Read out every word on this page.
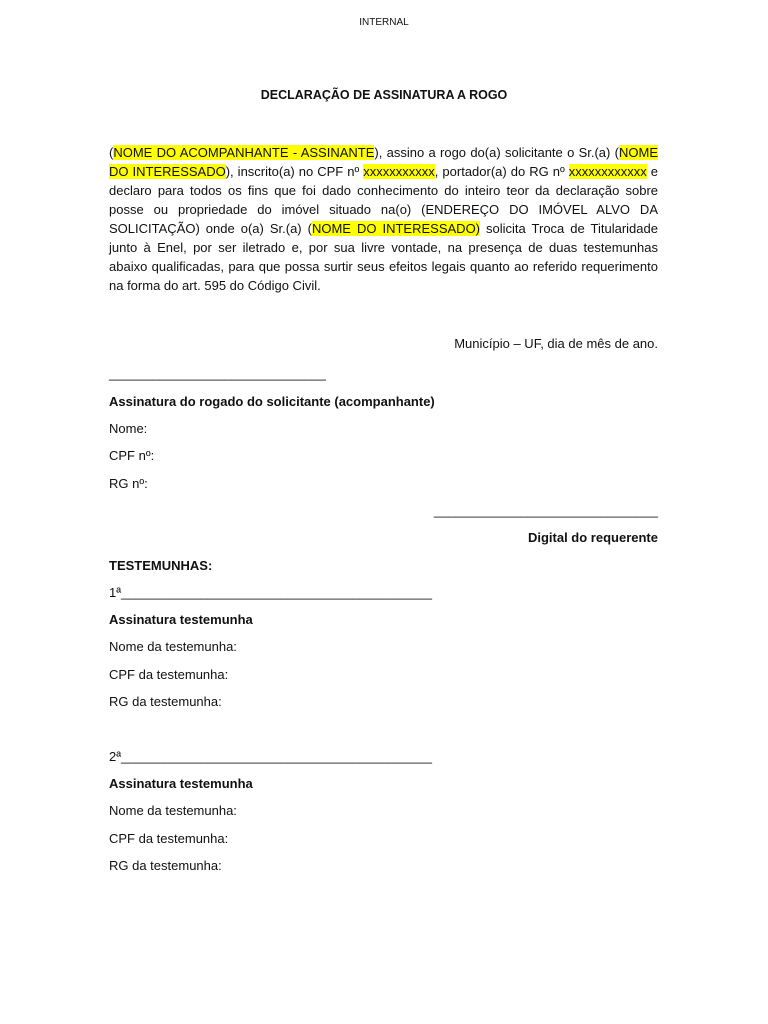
INTERNAL
DECLARAÇÃO DE ASSINATURA A ROGO
(NOME DO ACOMPANHANTE - ASSINANTE), assino a rogo do(a) solicitante o Sr.(a) (NOME DO INTERESSADO), inscrito(a) no CPF nº xxxxxxxxxxx, portador(a) do RG nº xxxxxxxxxxxx e declaro para todos os fins que foi dado conhecimento do inteiro teor da declaração sobre posse ou propriedade do imóvel situado na(o) (ENDEREÇO DO IMÓVEL ALVO DA SOLICITAÇÃO) onde o(a) Sr.(a) (NOME DO INTERESSADO) solicita Troca de Titularidade junto à Enel, por ser iletrado e, por sua livre vontade, na presença de duas testemunhas abaixo qualificadas, para que possa surtir seus efeitos legais quanto ao referido requerimento na forma do art. 595 do Código Civil.
Município – UF, dia de mês de ano.
______________________________
Assinatura do rogado do solicitante (acompanhante)
Nome:
CPF nº:
RG nº:
_______________________________
Digital do requerente
TESTEMUNHAS:
1ª___________________________________________
Assinatura testemunha
Nome da testemunha:
CPF da testemunha:
RG da testemunha:
2ª___________________________________________
Assinatura testemunha
Nome da testemunha:
CPF da testemunha:
RG da testemunha:
